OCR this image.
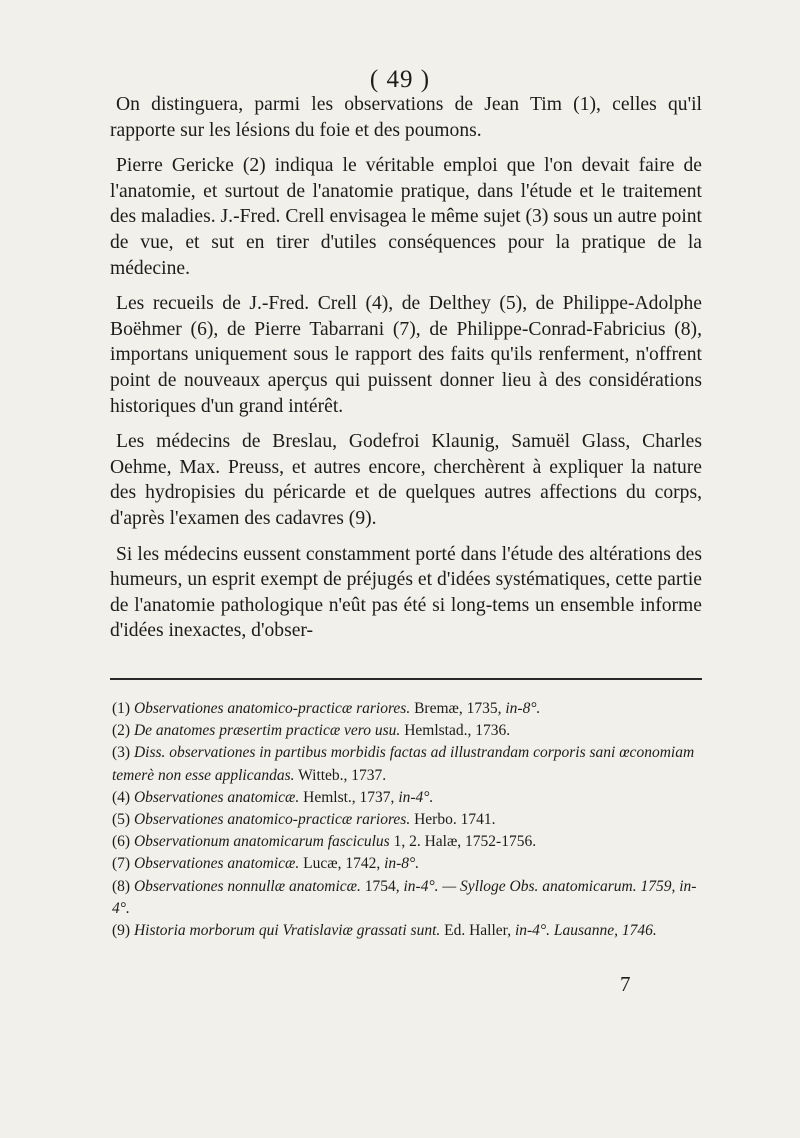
( 49 )

On distinguera, parmi les observations de Jean Tim (1), celles qu'il rapporte sur les lésions du foie et des poumons.

Pierre Gericke (2) indiqua le véritable emploi que l'on devait faire de l'anatomie, et surtout de l'anatomie pratique, dans l'étude et le traitement des maladies. J.-Fred. Crell envisagea le même sujet (3) sous un autre point de vue, et sut en tirer d'utiles conséquences pour la pratique de la médecine.

Les recueils de J.-Fred. Crell (4), de Delthey (5), de Philippe-Adolphe Boëhmer (6), de Pierre Tabarrani (7), de Philippe-Conrad-Fabricius (8), importans uniquement sous le rapport des faits qu'ils renferment, n'offrent point de nouveaux aperçus qui puissent donner lieu à des considérations historiques d'un grand intérêt.

Les médecins de Breslau, Godefroi Klaunig, Samuël Glass, Charles Oehme, Max. Preuss, et autres encore, cherchèrent à expliquer la nature des hydropisies du péricarde et de quelques autres affections du corps, d'après l'examen des cadavres (9).

Si les médecins eussent constamment porté dans l'étude des altérations des humeurs, un esprit exempt de préjugés et d'idées systématiques, cette partie de l'anatomie pathologique n'eût pas été si long-tems un ensemble informe d'idées inexactes, d'obser-

(1) Observationes anatomico-practicæ rariores. Bremæ, 1735, in-8°.

(2) De anatomes præsertim practicæ vero usu. Hemlstad., 1736.

(3) Diss. observationes in partibus morbidis factas ad illustrandam corporis sani œconomiam temerè non esse applicandas. Witteb., 1737.

(4) Observationes anatomicæ. Hemlst., 1737, in-4°.

(5) Observationes anatomico-practicæ rariores. Herbo. 1741.

(6) Observationum anatomicarum fasciculus 1, 2. Halæ, 1752-1756.

(7) Observationes anatomicæ. Lucæ, 1742, in-8°.

(8) Observationes nonnullæ anatomicæ. 1754, in-4°. — Sylloge Obs. anatomicarum. 1759, in-4°.

(9) Historia morborum qui Vratislaviæ grassati sunt. Ed. Haller, in-4°. Lausanne, 1746.

7
